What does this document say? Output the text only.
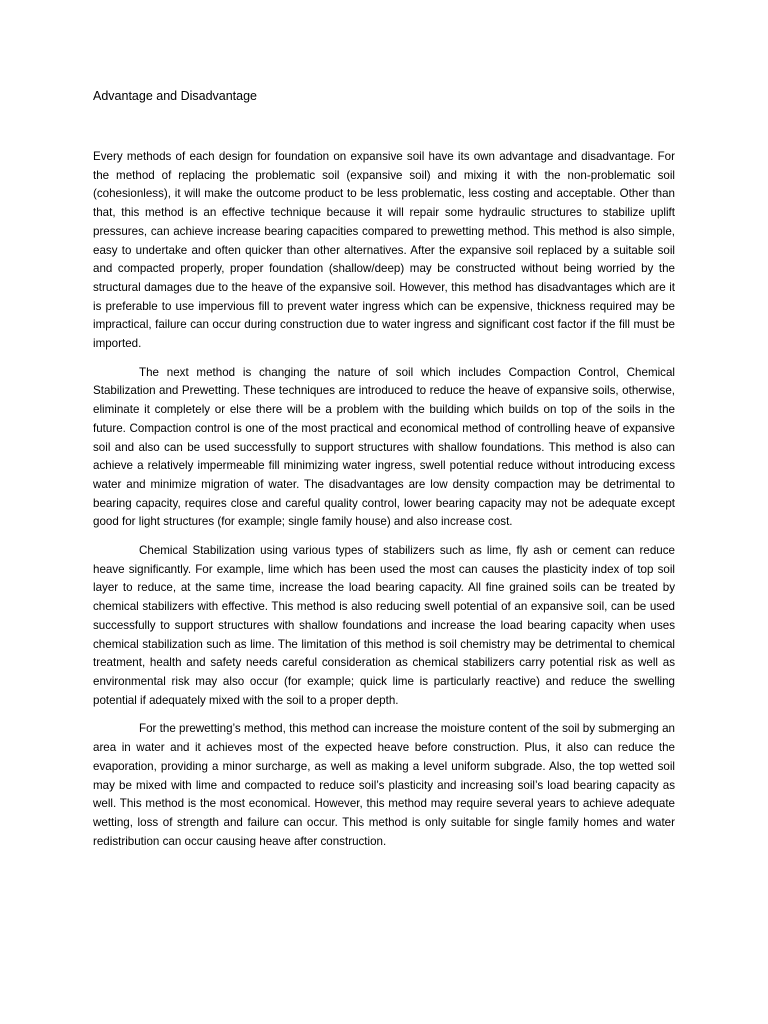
Advantage and Disadvantage

Every methods of each design for foundation on expansive soil have its own advantage and disadvantage. For the method of replacing the problematic soil (expansive soil) and mixing it with the non-problematic soil (cohesionless), it will make the outcome product to be less problematic, less costing and acceptable. Other than that, this method is an effective technique because it will repair some hydraulic structures to stabilize uplift pressures, can achieve increase bearing capacities compared to prewetting method. This method is also simple, easy to undertake and often quicker than other alternatives. After the expansive soil replaced by a suitable soil and compacted properly, proper foundation (shallow/deep) may be constructed without being worried by the structural damages due to the heave of the expansive soil. However, this method has disadvantages which are it is preferable to use impervious fill to prevent water ingress which can be expensive, thickness required may be impractical, failure can occur during construction due to water ingress and significant cost factor if the fill must be imported.

The next method is changing the nature of soil which includes Compaction Control, Chemical Stabilization and Prewetting. These techniques are introduced to reduce the heave of expansive soils, otherwise, eliminate it completely or else there will be a problem with the building which builds on top of the soils in the future. Compaction control is one of the most practical and economical method of controlling heave of expansive soil and also can be used successfully to support structures with shallow foundations. This method is also can achieve a relatively impermeable fill minimizing water ingress, swell potential reduce without introducing excess water and minimize migration of water. The disadvantages are low density compaction may be detrimental to bearing capacity, requires close and careful quality control, lower bearing capacity may not be adequate except good for light structures (for example; single family house) and also increase cost.

Chemical Stabilization using various types of stabilizers such as lime, fly ash or cement can reduce heave significantly. For example, lime which has been used the most can causes the plasticity index of top soil layer to reduce, at the same time, increase the load bearing capacity. All fine grained soils can be treated by chemical stabilizers with effective. This method is also reducing swell potential of an expansive soil, can be used successfully to support structures with shallow foundations and increase the load bearing capacity when uses chemical stabilization such as lime. The limitation of this method is soil chemistry may be detrimental to chemical treatment, health and safety needs careful consideration as chemical stabilizers carry potential risk as well as environmental risk may also occur (for example; quick lime is particularly reactive) and reduce the swelling potential if adequately mixed with the soil to a proper depth.

For the prewetting’s method, this method can increase the moisture content of the soil by submerging an area in water and it achieves most of the expected heave before construction. Plus, it also can reduce the evaporation, providing a minor surcharge, as well as making a level uniform subgrade. Also, the top wetted soil may be mixed with lime and compacted to reduce soil’s plasticity and increasing soil’s load bearing capacity as well. This method is the most economical. However, this method may require several years to achieve adequate wetting, loss of strength and failure can occur. This method is only suitable for single family homes and water redistribution can occur causing heave after construction.
